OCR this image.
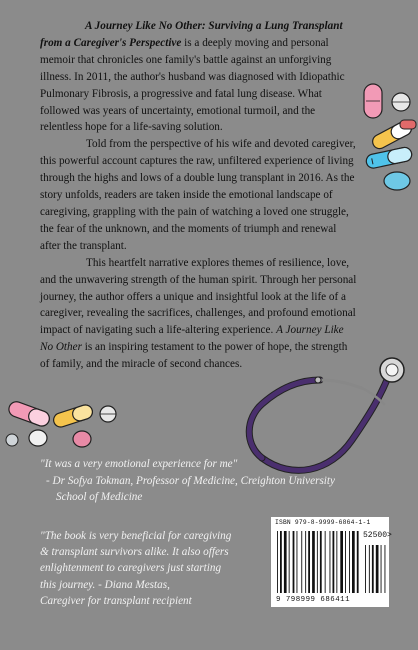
A Journey Like No Other: Surviving a Lung Transplant from a Caregiver's Perspective is a deeply moving and personal memoir that chronicles one family's battle against an unforgiving illness. In 2011, the author's husband was diagnosed with Idiopathic Pulmonary Fibrosis, a progressive and fatal lung disease. What followed was years of uncertainty, emotional turmoil, and the relentless hope for a life-saving solution.

Told from the perspective of his wife and devoted caregiver, this powerful account captures the raw, unfiltered experience of living through the highs and lows of a double lung transplant in 2016. As the story unfolds, readers are taken inside the emotional landscape of caregiving, grappling with the pain of watching a loved one struggle, the fear of the unknown, and the moments of triumph and renewal after the transplant.

This heartfelt narrative explores themes of resilience, love, and the unwavering strength of the human spirit. Through her personal journey, the author offers a unique and insightful look at the life of a caregiver, revealing the sacrifices, challenges, and profound emotional impact of navigating such a life-altering experience. A Journey Like No Other is an inspiring testament to the power of hope, the strength of family, and the miracle of second chances.

"It was a very emotional experience for me"
- Dr Sofya Tokman, Professor of Medicine, Creighton University
School of Medicine
"The book is very beneficial for caregiving
& transplant survivors alike. It also offers
enlightenment to caregivers just starting
this journey. - Diana Mestas,
Caregiver for transplant recipient
ISBN 979-8-9999-6864-1-1
52500>
9 798999 686411
